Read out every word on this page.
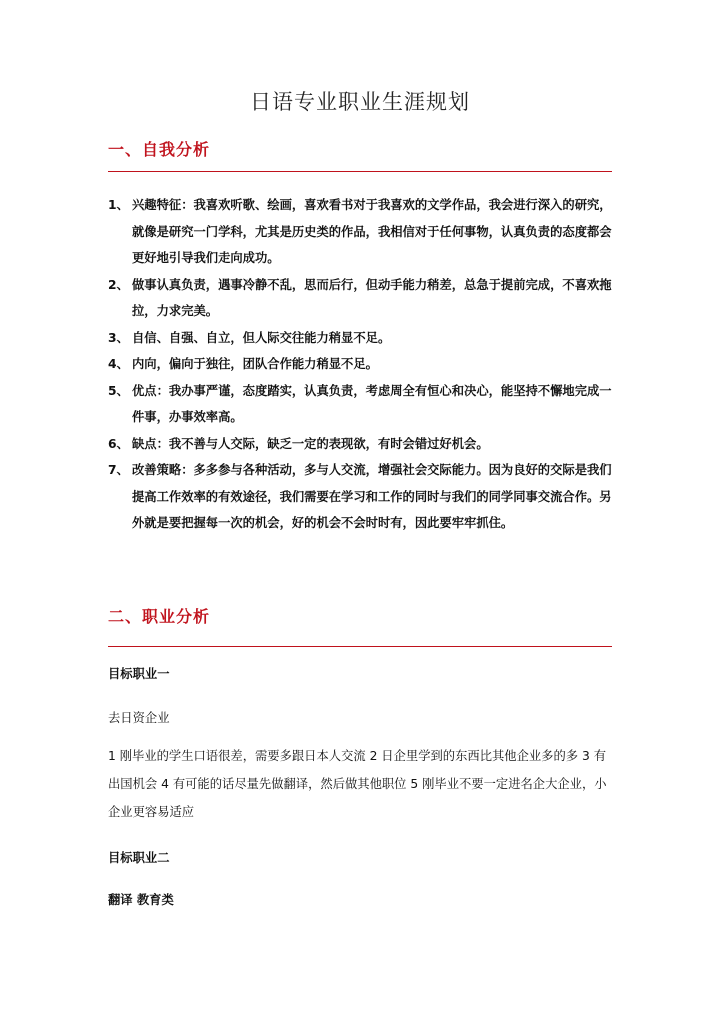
日语专业职业生涯规划
一、自我分析
1、 兴趣特征：我喜欢听歌、绘画，喜欢看书对于我喜欢的文学作品，我会进行深入的研究，就像是研究一门学科，尤其是历史类的作品，我相信对于任何事物，认真负责的态度都会更好地引导我们走向成功。
2、 做事认真负责，遇事冷静不乱，思而后行，但动手能力稍差，总急于提前完成，不喜欢拖拉，力求完美。
3、 自信、自强、自立，但人际交往能力稍显不足。
4、 内向，偏向于独往，团队合作能力稍显不足。
5、 优点：我办事严谨，态度踏实，认真负责，考虑周全有恒心和决心，能坚持不懈地完成一件事，办事效率高。
6、 缺点：我不善与人交际，缺乏一定的表现欲，有时会错过好机会。
7、 改善策略：多多参与各种活动，多与人交流，增强社会交际能力。因为良好的交际是我们提高工作效率的有效途径，我们需要在学习和工作的同时与我们的同学同事交流合作。另外就是要把握每一次的机会，好的机会不会时时有，因此要牢牢抓住。
二、职业分析
目标职业一
去日资企业
1 刚毕业的学生口语很差，需要多跟日本人交流 2 日企里学到的东西比其他企业多的多 3 有出国机会 4 有可能的话尽量先做翻译，然后做其他职位 5 刚毕业不要一定进名企大企业，小企业更容易适应
目标职业二
翻译 教育类
